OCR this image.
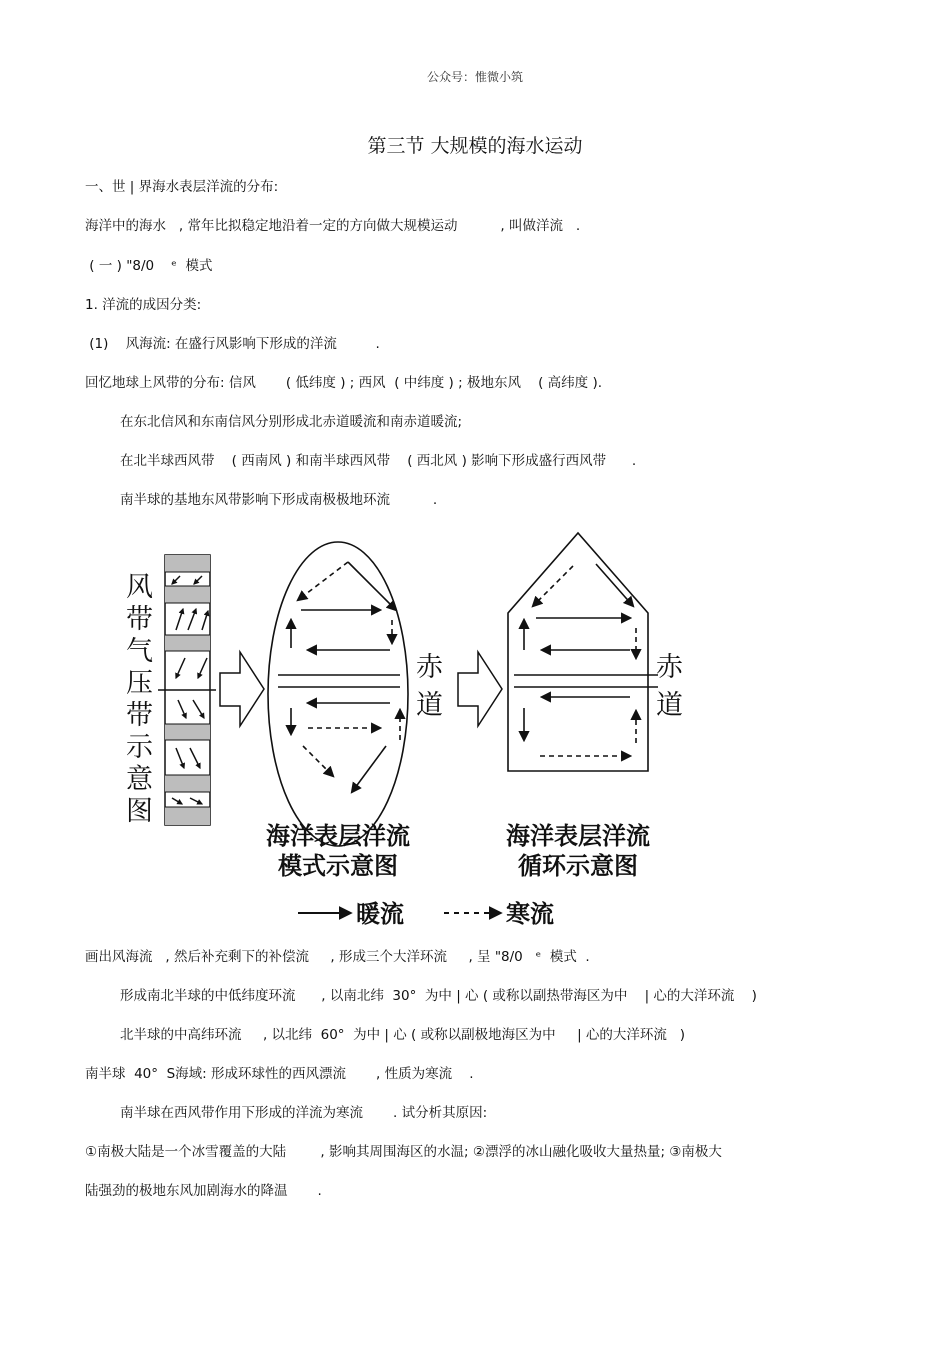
公众号：惟微小筑
第三节 大规模的海水运动
一、世 | 界海水表层洋流的分布:
海洋中的海水   , 常年比拟稳定地沿着一定的方向做大规模运动          , 叫做洋流   .
( 一 ) "8/0    ᵉ  模式
1. 洋流的成因分类:
(1)    风海流: 在盛行风影响下形成的洋流         .
回忆地球上风带的分布: 信风       ( 低纬度 ) ; 西风  ( 中纬度 ) ; 极地东风    ( 高纬度 ).
在东北信风和东南信风分别形成北赤道暖流和南赤道暖流;
在北半球西风带    ( 西南风 ) 和南半球西风带    ( 西北风 ) 影响下形成盛行西风带      .
南半球的基地东风带影响下形成南极极地环流          .
风
带
气
压
带
示
意
图
赤
道
赤
道
海洋表层洋流
模式示意图
海洋表层洋流
循环示意图
暖流	寒流
画出风海流   , 然后补充剩下的补偿流     , 形成三个大洋环流     , 呈 "8/0   ᵉ  模式  .
形成南北半球的中低纬度环流      , 以南北纬  30°  为中 | 心 ( 或称以副热带海区为中    | 心的大洋环流    )
北半球的中高纬环流     , 以北纬  60°  为中 | 心 ( 或称以副极地海区为中     | 心的大洋环流   )
南半球  40°  S海域: 形成环球性的西风漂流       , 性质为寒流    .
南半球在西风带作用下形成的洋流为寒流       . 试分析其原因:
①南极大陆是一个冰雪覆盖的大陆        , 影响其周围海区的水温; ②漂浮的冰山融化吸收大量热量; ③南极大
陆强劲的极地东风加剧海水的降温       .
